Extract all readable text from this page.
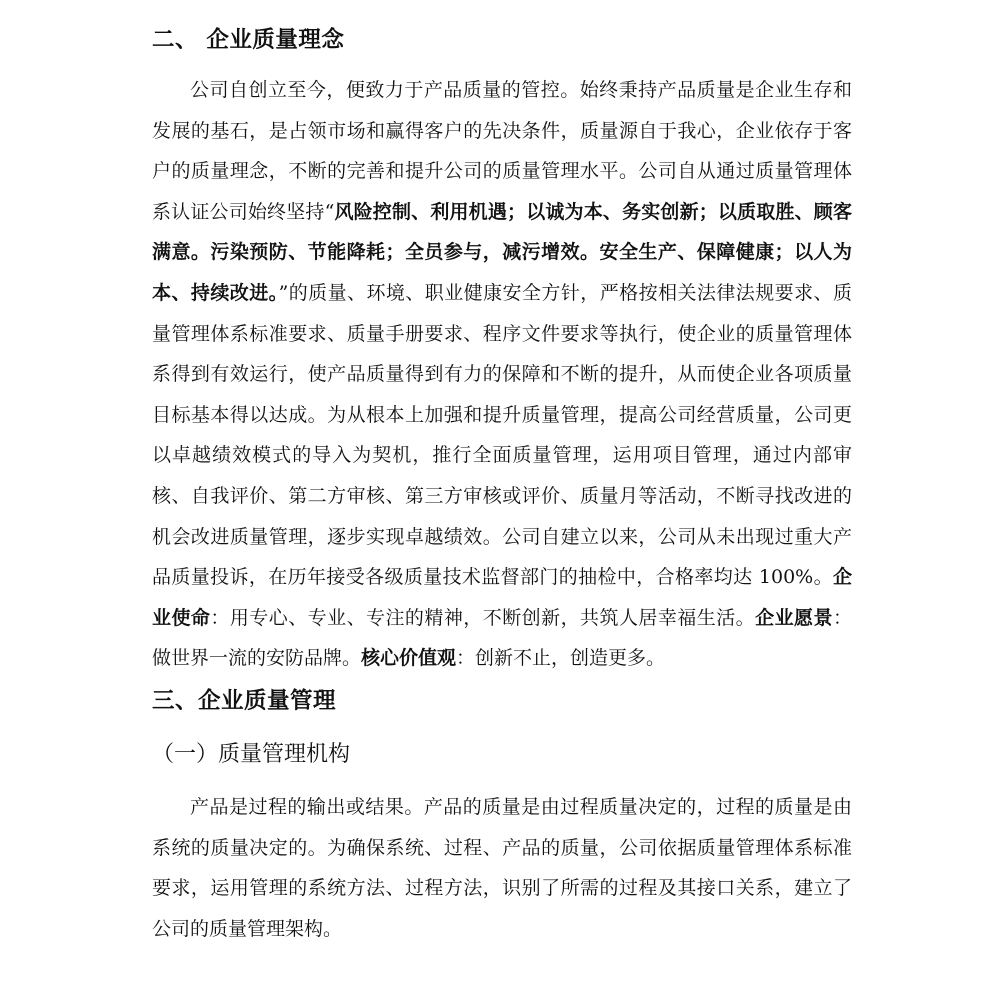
二、 企业质量理念

公司自创立至今，便致力于产品质量的管控。始终秉持产品质量是企业生存和发展的基石，是占领市场和赢得客户的先决条件，质量源自于我心，企业依存于客户的质量理念，不断的完善和提升公司的质量管理水平。公司自从通过质量管理体系认证公司始终坚持“风险控制、利用机遇；以诚为本、务实创新；以质取胜、顾客满意。污染预防、节能降耗；全员参与，减污增效。安全生产、保障健康；以人为本、持续改进。”的质量、环境、职业健康安全方针，严格按相关法律法规要求、质量管理体系标准要求、质量手册要求、程序文件要求等执行，使企业的质量管理体系得到有效运行，使产品质量得到有力的保障和不断的提升，从而使企业各项质量目标基本得以达成。为从根本上加强和提升质量管理，提高公司经营质量，公司更以卓越绩效模式的导入为契机，推行全面质量管理，运用项目管理，通过内部审核、自我评价、第二方审核、第三方审核或评价、质量月等活动，不断寻找改进的机会改进质量管理，逐步实现卓越绩效。公司自建立以来，公司从未出现过重大产品质量投诉，在历年接受各级质量技术监督部门的抽检中，合格率均达 100%。企业使命：用专心、专业、专注的精神，不断创新，共筑人居幸福生活。企业愿景：做世界一流的安防品牌。核心价值观：创新不止，创造更多。

三、企业质量管理
（一）质量管理机构

产品是过程的输出或结果。产品的质量是由过程质量决定的，过程的质量是由系统的质量决定的。为确保系统、过程、产品的质量，公司依据质量管理体系标准要求，运用管理的系统方法、过程方法，识别了所需的过程及其接口关系，建立了公司的质量管理架构。
